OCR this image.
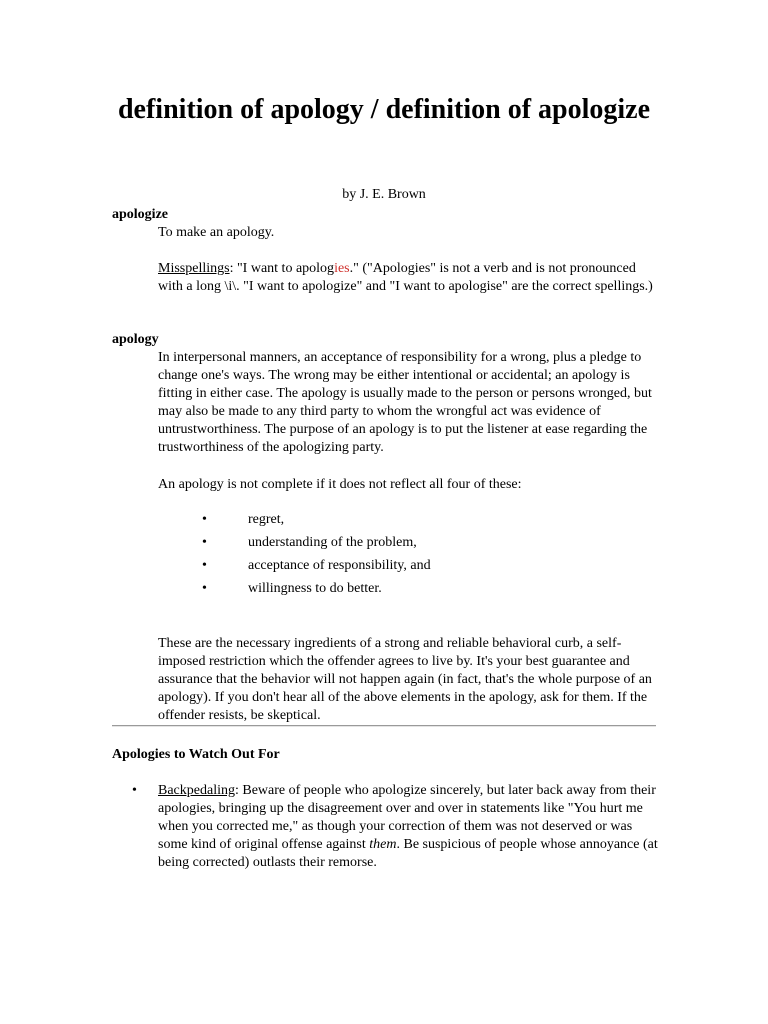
definition of apology / definition of apologize
by J. E. Brown
apologize

To make an apology.

Misspellings: "I want to apologies." ("Apologies" is not a verb and is not pronounced with a long \i\. "I want to apologize" and "I want to apologise" are the correct spellings.)

apology

In interpersonal manners, an acceptance of responsibility for a wrong, plus a pledge to change one's ways. The wrong may be either intentional or accidental; an apology is fitting in either case. The apology is usually made to the person or persons wronged, but may also be made to any third party to whom the wrongful act was evidence of untrustworthiness. The purpose of an apology is to put the listener at ease regarding the trustworthiness of the apologizing party.

An apology is not complete if it does not reflect all four of these:

•	regret,
•	understanding of the problem,
•	acceptance of responsibility, and
•	willingness to do better.

These are the necessary ingredients of a strong and reliable behavioral curb, a self-imposed restriction which the offender agrees to live by. It's your best guarantee and assurance that the behavior will not happen again (in fact, that's the whole purpose of an apology). If you don't hear all of the above elements in the apology, ask for them. If the offender resists, be skeptical.

Apologies to Watch Out For
• Backpedaling: Beware of people who apologize sincerely, but later back away from their apologies, bringing up the disagreement over and over in statements like "You hurt me when you corrected me," as though your correction of them was not deserved or was some kind of original offense against them. Be suspicious of people whose annoyance (at being corrected) outlasts their remorse.
